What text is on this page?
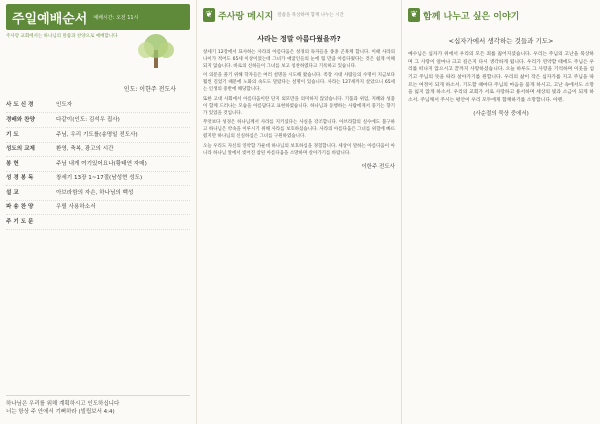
주일예배순서 예배시간: 오전 11시
주사랑 교회에서는 하나님의 말씀과 찬양으로 예배합니다
인도: 이한주 전도사
사 도 신 경	인도자
경배와 찬양	다같이(인도: 김석우 집사)
기 도	주님, 우리 기도를(송명일 전도사)
성도의 교제	환영, 축복, 광고의 시간
봉 헌	주님 내게 여기있어요나(황태연 자매)
성 경 봉 독	창세기 13장 1~17절(남성현 성도)
설 교	아브라함의 자손, 하나님의 백성
파 송 찬 양	우릴 사용하소서
주 기 도 문
하나님은 우리를 위해 계획하시고 인도하십니다
너는 항상 주 안에서 기뻐하라 (빌립보서 4:4)
❦ 주사랑 메시지 말씀을 묵상하며 함께 나누는 시간
사라는 정말 아름다웠을까?

창세기 12장에서 묘사하는 사라의 아름다움은 성경의 독자들을 종종 곤혹케 합니다. 이때 사라의 나이가 적어도 65세 이상이었는데 그녀가 애굽인들의 눈에 띌 만큼 아름다웠다는 것은 쉽게 이해되지 않습니다. 바로의 신하들이 그녀를 보고 칭찬하였다고 기록하고 있습니다.

이 의문을 풀기 위해 학자들은 여러 설명을 시도해 왔습니다. 족장 시대 사람들의 수명이 지금보다 훨씬 길었기 때문에 노화의 속도도 달랐다는 설명이 있습니다. 사라는 127세까지 살았으니 65세는 인생의 중반에 해당합니다.

또한 고대 사회에서 아름다움이란 단지 외모만을 의미하지 않았습니다. 기품과 위엄, 지혜와 성품이 함께 드러나는 모습을 아름답다고 표현하였습니다. 하나님과 동행하는 사람에게서 풍기는 향기가 있었을 것입니다.

무엇보다 성경은 하나님께서 사라를 지키셨다는 사실을 강조합니다. 아브라함의 실수에도 불구하고 하나님은 약속을 이루시기 위해 사라를 보호하셨습니다. 사라의 아름다움은 그녀를 위험에 빠뜨렸지만 하나님의 신실하심은 그녀를 구원하였습니다.

오늘 우리도 자신의 연약함 가운데 하나님의 보호하심을 경험합니다. 세상이 말하는 아름다움이 아니라 하나님 앞에서 빚어진 참된 아름다움을 소망하며 살아가기를 바랍니다.

이한주 전도사
❦ 함께 나누고 싶은 이야기
<십자가에서 생각하는 것들과 기도>
예수님은 십자가 위에서 우리의 모든 죄를 짊어지셨습니다. 우리는 주님의 고난을 묵상하며 그 사랑이 얼마나 크고 깊은지 다시 생각하게 됩니다. 우리가 연약할 때에도 주님은 우리를 떠나지 않으시고 끝까지 사랑하셨습니다. 오늘 하루도 그 사랑을 기억하며 이웃을 섬기고 주님의 뜻을 따라 살아가기를 원합니다. 우리의 삶이 작은 십자가를 지고 주님을 따르는 여정이 되게 하소서. 기도할 때마다 주님의 마음을 품게 하시고, 고난 속에서도 소망을 잃지 않게 하소서. 우리의 교회가 서로 사랑하고 용서하며 세상의 빛과 소금이 되게 하소서. 주님께서 주시는 평안이 우리 모두에게 함께하기를 소망합니다. 아멘.
(사순절의 묵상 중에서)
